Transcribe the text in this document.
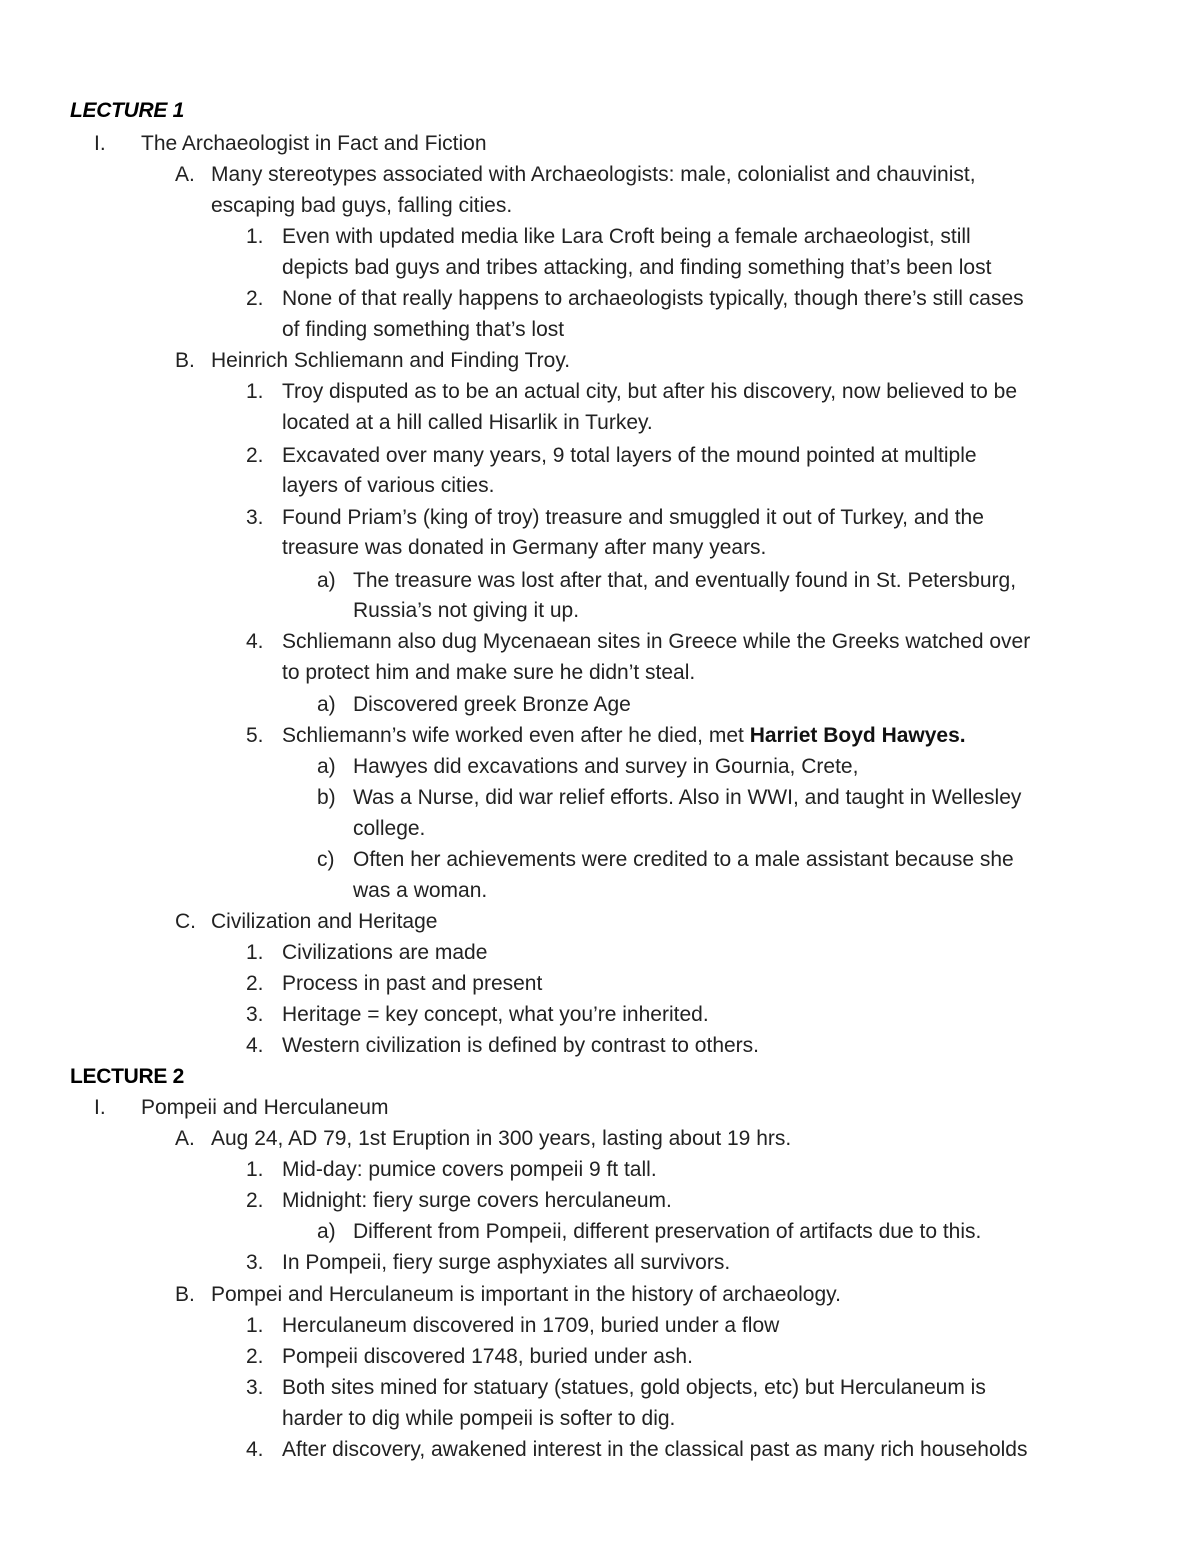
LECTURE 1
I. The Archaeologist in Fact and Fiction
A. Many stereotypes associated with Archaeologists: male, colonialist and chauvinist,
escaping bad guys, falling cities.
1. Even with updated media like Lara Croft being a female archaeologist, still
depicts bad guys and tribes attacking, and finding something that’s been lost
2. None of that really happens to archaeologists typically, though there’s still cases
of finding something that’s lost
B. Heinrich Schliemann and Finding Troy.
1. Troy disputed as to be an actual city, but after his discovery, now believed to be
located at a hill called Hisarlik in Turkey.
2. Excavated over many years, 9 total layers of the mound pointed at multiple
layers of various cities.
3. Found Priam’s (king of troy) treasure and smuggled it out of Turkey, and the
treasure was donated in Germany after many years.
a) The treasure was lost after that, and eventually found in St. Petersburg,
Russia’s not giving it up.
4. Schliemann also dug Mycenaean sites in Greece while the Greeks watched over
to protect him and make sure he didn’t steal.
a) Discovered greek Bronze Age
5. Schliemann’s wife worked even after he died, met Harriet Boyd Hawyes.
a) Hawyes did excavations and survey in Gournia, Crete,
b) Was a Nurse, did war relief efforts. Also in WWI, and taught in Wellesley
college.
c) Often her achievements were credited to a male assistant because she
was a woman.
C. Civilization and Heritage
1. Civilizations are made
2. Process in past and present
3. Heritage = key concept, what you’re inherited.
4. Western civilization is defined by contrast to others.
LECTURE 2
I. Pompeii and Herculaneum
A. Aug 24, AD 79, 1st Eruption in 300 years, lasting about 19 hrs.
1. Mid-day: pumice covers pompeii 9 ft tall.
2. Midnight: fiery surge covers herculaneum.
a) Different from Pompeii, different preservation of artifacts due to this.
3. In Pompeii, fiery surge asphyxiates all survivors.
B. Pompei and Herculaneum is important in the history of archaeology.
1. Herculaneum discovered in 1709, buried under a flow
2. Pompeii discovered 1748, buried under ash.
3. Both sites mined for statuary (statues, gold objects, etc) but Herculaneum is
harder to dig while pompeii is softer to dig.
4. After discovery, awakened interest in the classical past as many rich households
